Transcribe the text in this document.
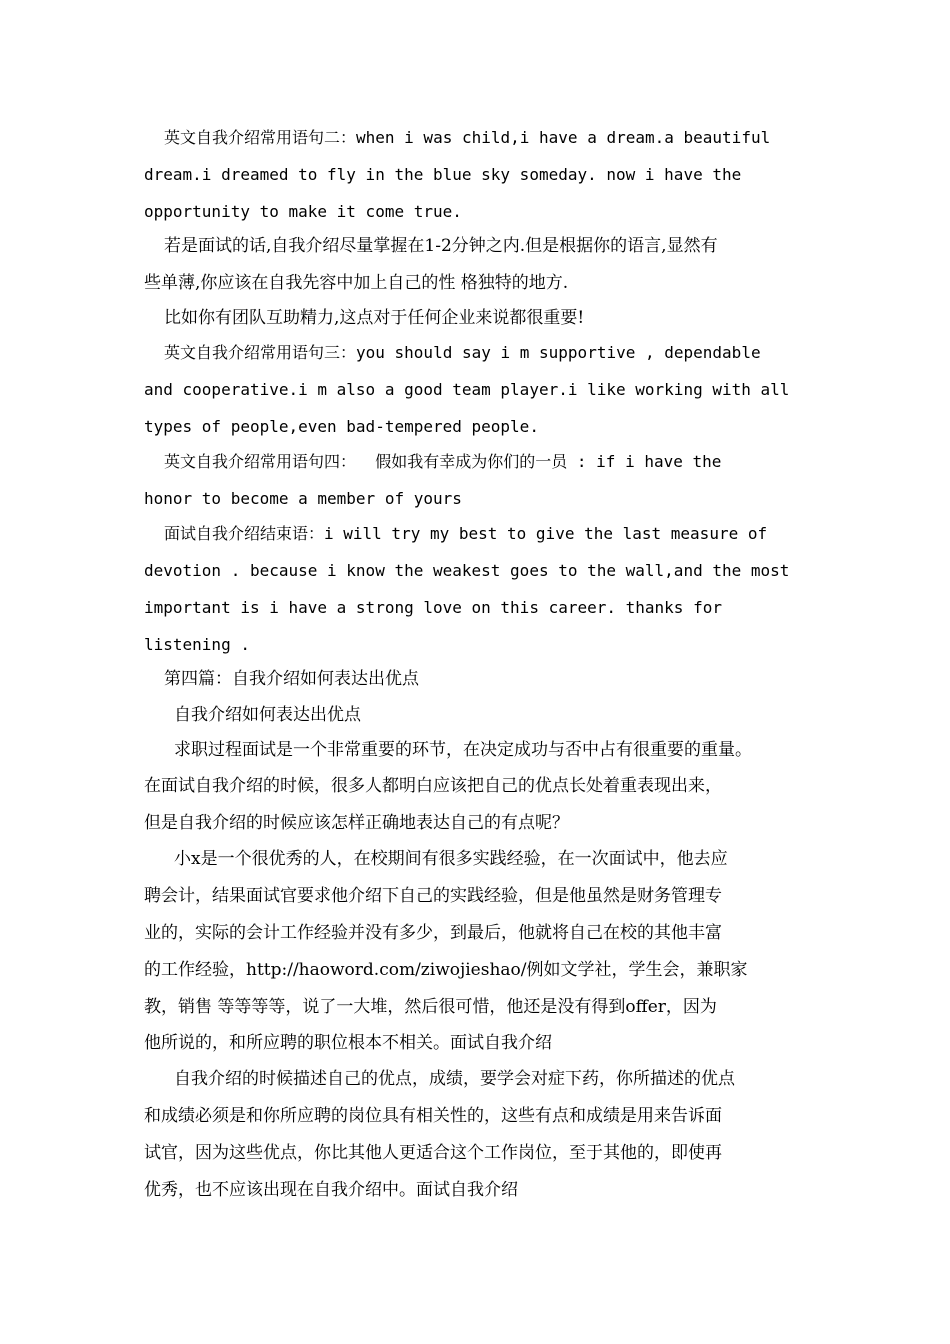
英文自我介绍常用语句二：when i was child,i have a dream.a beautiful
dream.i dreamed to fly in the blue sky someday. now i have the
opportunity to make it come true.
若是面试的话,自我介绍尽量掌握在1-2分钟之内.但是根据你的语言,显然有
些单薄,你应该在自我先容中加上自己的性 格独特的地方.
比如你有团队互助精力,这点对于任何企业来说都很重要!
英文自我介绍常用语句三：you should say i m supportive , dependable
and cooperative.i m also a good team player.i like working with all
types of people,even bad-tempered people.
英文自我介绍常用语句四：  假如我有幸成为你们的一员 : if i have the
honor to become a member of yours
面试自我介绍结束语：i will try my best to give the last measure of
devotion . because i know the weakest goes to the wall,and the most
important is i have a strong love on this career. thanks for
listening .
第四篇：自我介绍如何表达出优点
自我介绍如何表达出优点
求职过程面试是一个非常重要的环节，在决定成功与否中占有很重要的重量。
在面试自我介绍的时候，很多人都明白应该把自己的优点长处着重表现出来，
但是自我介绍的时候应该怎样正确地表达自己的有点呢？
小x是一个很优秀的人，在校期间有很多实践经验，在一次面试中，他去应
聘会计，结果面试官要求他介绍下自己的实践经验，但是他虽然是财务管理专
业的，实际的会计工作经验并没有多少，到最后，他就将自己在校的其他丰富
的工作经验，http://haoword.com/ziwojieshao/例如文学社，学生会，兼职家
教，销售 等等等等，说了一大堆，然后很可惜，他还是没有得到offer，因为
他所说的，和所应聘的职位根本不相关。面试自我介绍
自我介绍的时候描述自己的优点，成绩，要学会对症下药，你所描述的优点
和成绩必须是和你所应聘的岗位具有相关性的，这些有点和成绩是用来告诉面
试官，因为这些优点，你比其他人更适合这个工作岗位，至于其他的，即使再
优秀，也不应该出现在自我介绍中。面试自我介绍
